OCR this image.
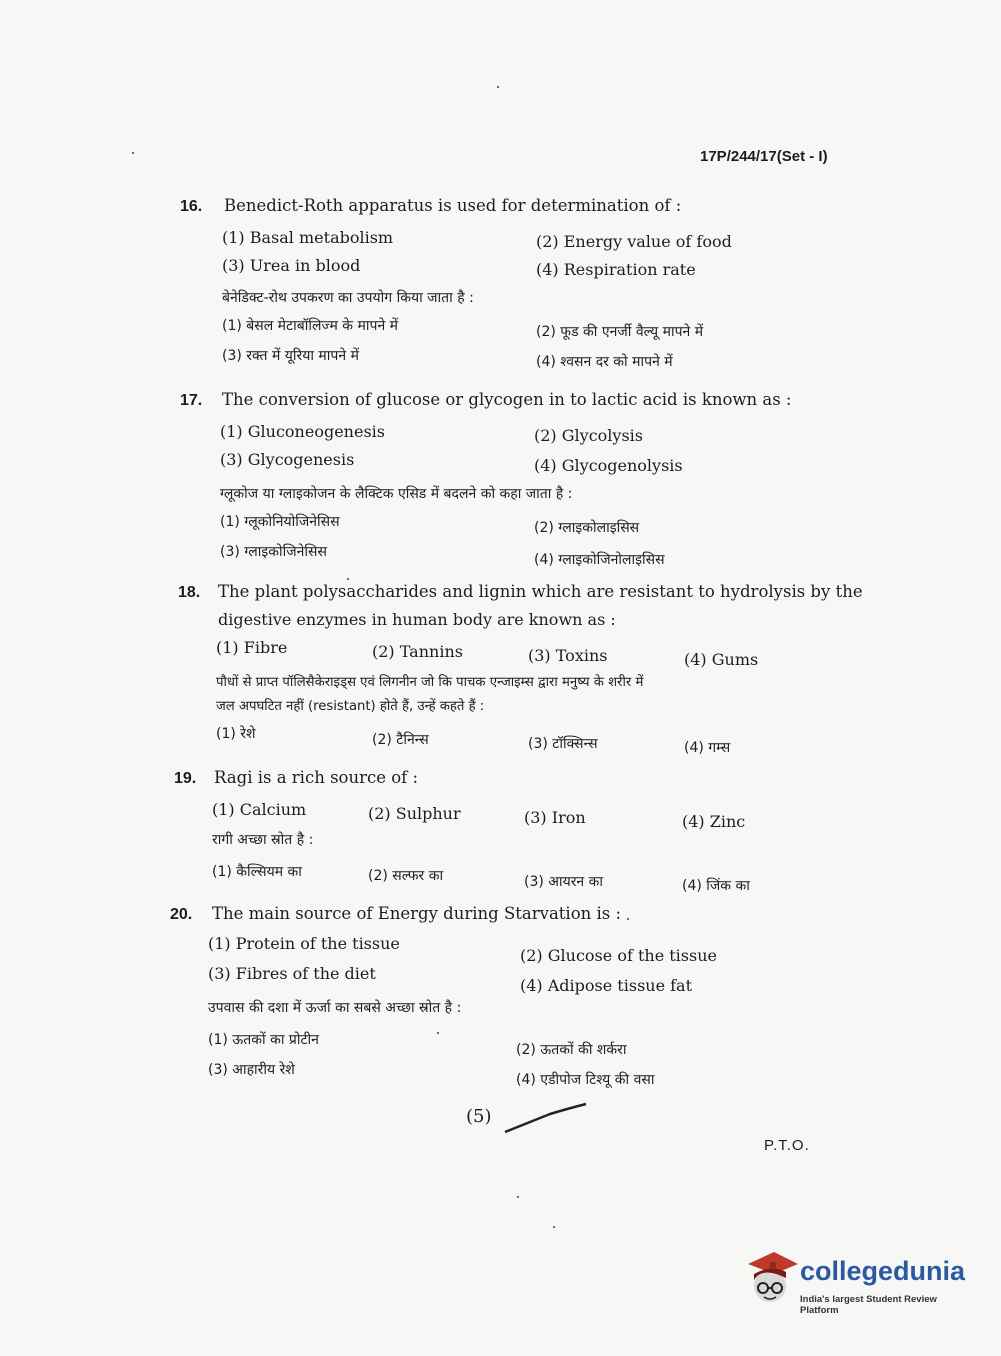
17P/244/17(Set - I)
16. Benedict-Roth apparatus is used for determination of :
(1) Basal metabolism	(2) Energy value of food
(3) Urea in blood	(4) Respiration rate
बेनेडिक्ट-रोथ उपकरण का उपयोग किया जाता है :
(1) बेसल मेटाबॉलिज्म के मापने में	(2) फूड की एनर्जी वैल्यू मापने में
(3) रक्त में यूरिया मापने में	(4) श्वसन दर को मापने में
17. The conversion of glucose or glycogen in to lactic acid is known as :
(1) Gluconeogenesis	(2) Glycolysis
(3) Glycogenesis	(4) Glycogenolysis
ग्लूकोज या ग्लाइकोजन के लैक्टिक एसिड में बदलने को कहा जाता है :
(1) ग्लूकोनियोजिनेसिस	(2) ग्लाइकोलाइसिस
(3) ग्लाइकोजिनेसिस	(4) ग्लाइकोजिनोलाइसिस
18. The plant polysaccharides and lignin which are resistant to hydrolysis by the
digestive enzymes in human body are known as :
(1) Fibre	(2) Tannins	(3) Toxins	(4) Gums
पौधों से प्राप्त पॉलिसैकेराइड्स एवं लिगनीन जो कि पाचक एन्जाइम्स द्वारा मनुष्य के शरीर में
जल अपघटित नहीं (resistant) होते हैं, उन्हें कहते हैं :
(1) रेशे	(2) टैनिन्स	(3) टॉक्सिन्स	(4) गम्स
19. Ragi is a rich source of :
(1) Calcium	(2) Sulphur	(3) Iron	(4) Zinc
रागी अच्छा स्रोत है :
(1) कैल्सियम का	(2) सल्फर का	(3) आयरन का	(4) जिंक का
20. The main source of Energy during Starvation is :
(1) Protein of the tissue
(2) Glucose of the tissue
(3) Fibres of the diet
(4) Adipose tissue fat
उपवास की दशा में ऊर्जा का सबसे अच्छा स्रोत है :
(1) ऊतकों का प्रोटीन
(2) ऊतकों की शर्करा
(3) आहारीय रेशे
(4) एडीपोज टिश्यू की वसा
(5)
P.T.O.
collegedunia
India's largest Student Review Platform
